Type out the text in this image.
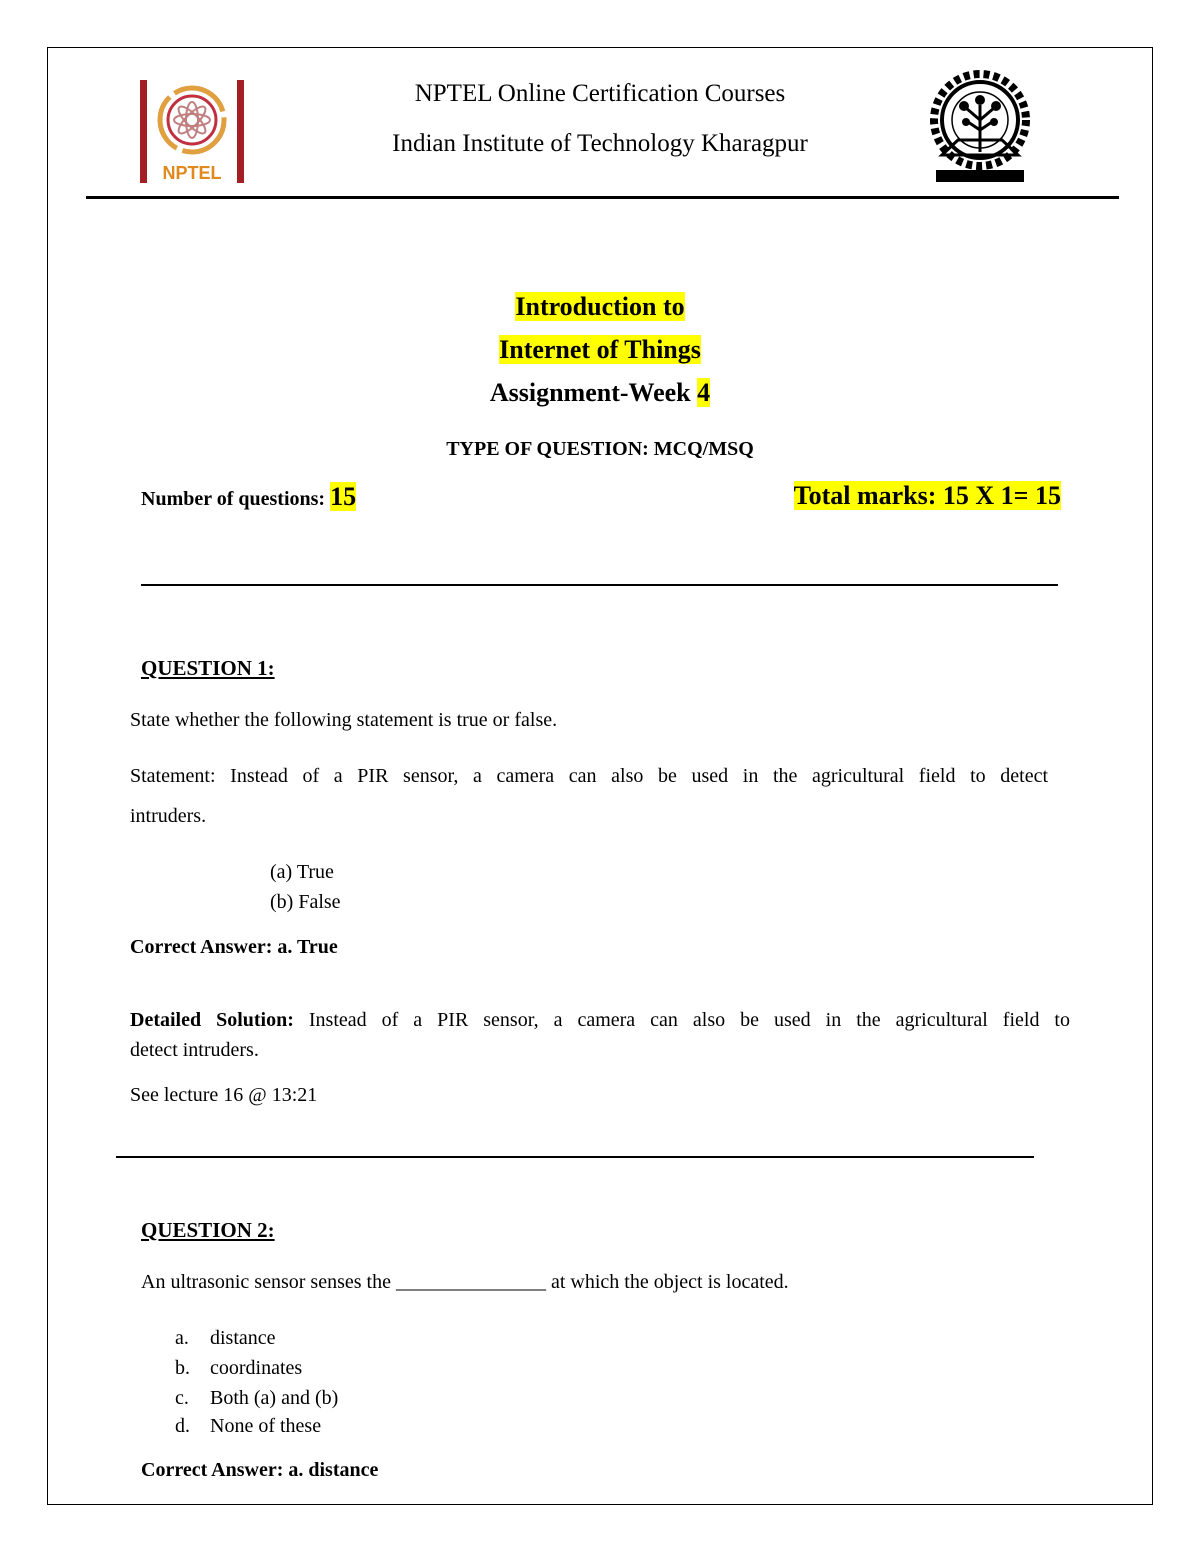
NPTEL
NPTEL Online Certification Courses
Indian Institute of Technology Kharagpur
Introduction to
Internet of Things
Assignment-Week 4
TYPE OF QUESTION: MCQ/MSQ
Number of questions: 15	Total marks: 15 X 1= 15
QUESTION 1:
State whether the following statement is true or false.
Statement: Instead of a PIR sensor, a camera can also be used in the agricultural field to detect
intruders.
(a) True
(b) False
Correct Answer: a. True
Detailed Solution: Instead of a PIR sensor, a camera can also be used in the agricultural field to
detect intruders.
See lecture 16 @ 13:21
QUESTION 2:
An ultrasonic sensor senses the _______________ at which the object is located.
a. distance
b. coordinates
c. Both (a) and (b)
d. None of these
Correct Answer: a. distance
